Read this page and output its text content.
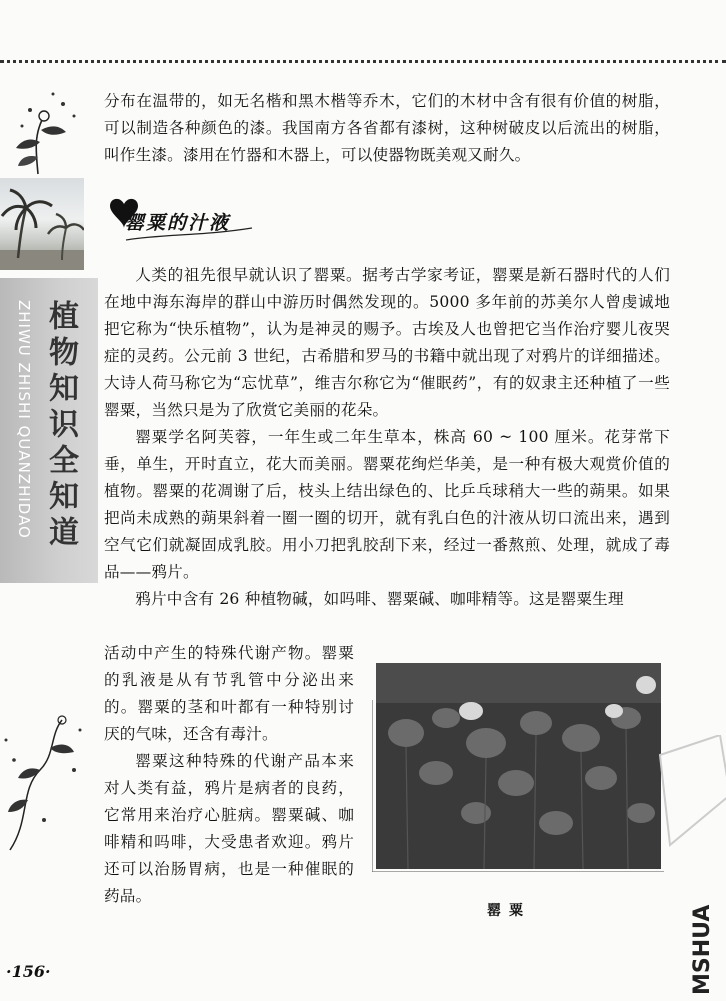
ZHIWU ZHISHI QUANZHIDAO 植物知识全知道

分布在温带的，如无名楷和黑木楷等乔木，它们的木材中含有很有价值的树脂，可以制造各种颜色的漆。我国南方各省都有漆树，这种树破皮以后流出的树脂，叫作生漆。漆用在竹器和木器上，可以使器物既美观又耐久。

罂粟的汁液

人类的祖先很早就认识了罂粟。据考古学家考证，罂粟是新石器时代的人们在地中海东海岸的群山中游历时偶然发现的。5000 多年前的苏美尔人曾虔诚地把它称为“快乐植物”，认为是神灵的赐予。古埃及人也曾把它当作治疗婴儿夜哭症的灵药。公元前 3 世纪，古希腊和罗马的书籍中就出现了对鸦片的详细描述。大诗人荷马称它为“忘忧草”，维吉尔称它为“催眠药”，有的奴隶主还种植了一些罂粟，当然只是为了欣赏它美丽的花朵。

罂粟学名阿芙蓉，一年生或二年生草本，株高 60 ~ 100 厘米。花芽常下垂，单生，开时直立，花大而美丽。罂粟花绚烂华美，是一种有极大观赏价值的植物。罂粟的花凋谢了后，枝头上结出绿色的、比乒乓球稍大一些的蒴果。如果把尚未成熟的蒴果斜着一圈一圈的切开，就有乳白色的汁液从切口流出来，遇到空气它们就凝固成乳胶。用小刀把乳胶刮下来，经过一番熬煎、处理，就成了毒品——鸦片。

鸦片中含有 26 种植物碱，如吗啡、罂粟碱、咖啡精等。这是罂粟生理

活动中产生的特殊代谢产物。罂粟的乳液是从有节乳管中分泌出来的。罂粟的茎和叶都有一种特别讨厌的气味，还含有毒汁。

罂粟这种特殊的代谢产品本来对人类有益，鸦片是病者的良药，它常用来治疗心脏病。罂粟碱、咖啡精和吗啡，大受患者欢迎。鸦片还可以治肠胃病，也是一种催眠的药品。

罂粟
·156·	MSHUA
